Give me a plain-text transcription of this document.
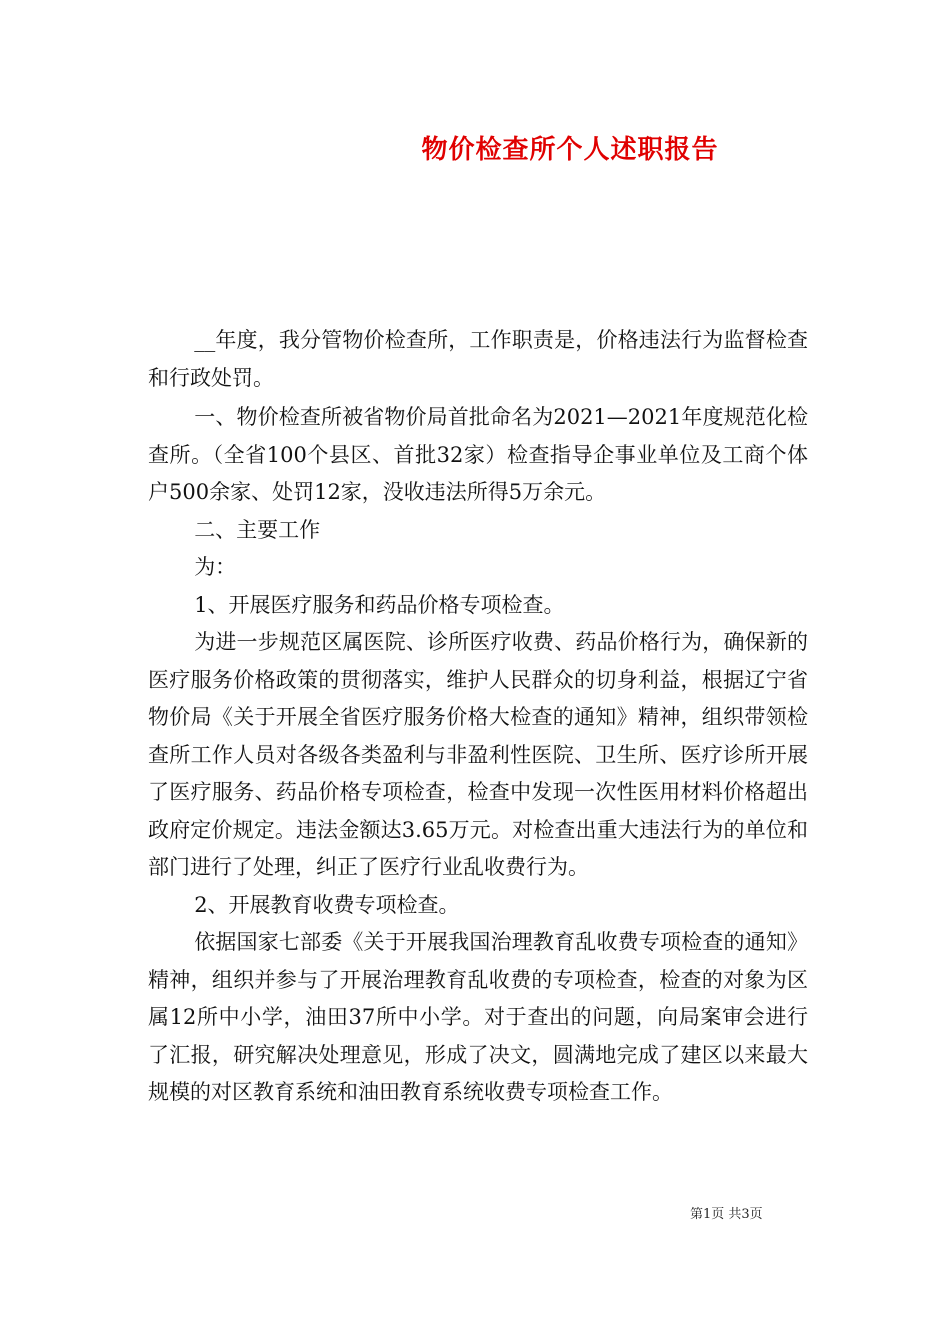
物价检查所个人述职报告

__年度，我分管物价检查所，工作职责是，价格违法行为监督检查和行政处罚。

一、物价检查所被省物价局首批命名为2021—2021年度规范化检查所。（全省100个县区、首批32家）检查指导企事业单位及工商个体户500余家、处罚12家，没收违法所得5万余元。

二、主要工作

为：

1、开展医疗服务和药品价格专项检查。

为进一步规范区属医院、诊所医疗收费、药品价格行为，确保新的医疗服务价格政策的贯彻落实，维护人民群众的切身利益，根据辽宁省物价局《关于开展全省医疗服务价格大检查的通知》精神，组织带领检查所工作人员对各级各类盈利与非盈利性医院、卫生所、医疗诊所开展了医疗服务、药品价格专项检查，检查中发现一次性医用材料价格超出政府定价规定。违法金额达3.65万元。对检查出重大违法行为的单位和部门进行了处理，纠正了医疗行业乱收费行为。

2、开展教育收费专项检查。

依据国家七部委《关于开展我国治理教育乱收费专项检查的通知》精神，组织并参与了开展治理教育乱收费的专项检查，检查的对象为区属12所中小学，油田37所中小学。对于查出的问题，向局案审会进行了汇报，研究解决处理意见，形成了决文，圆满地完成了建区以来最大规模的对区教育系统和油田教育系统收费专项检查工作。

第1页 共3页
